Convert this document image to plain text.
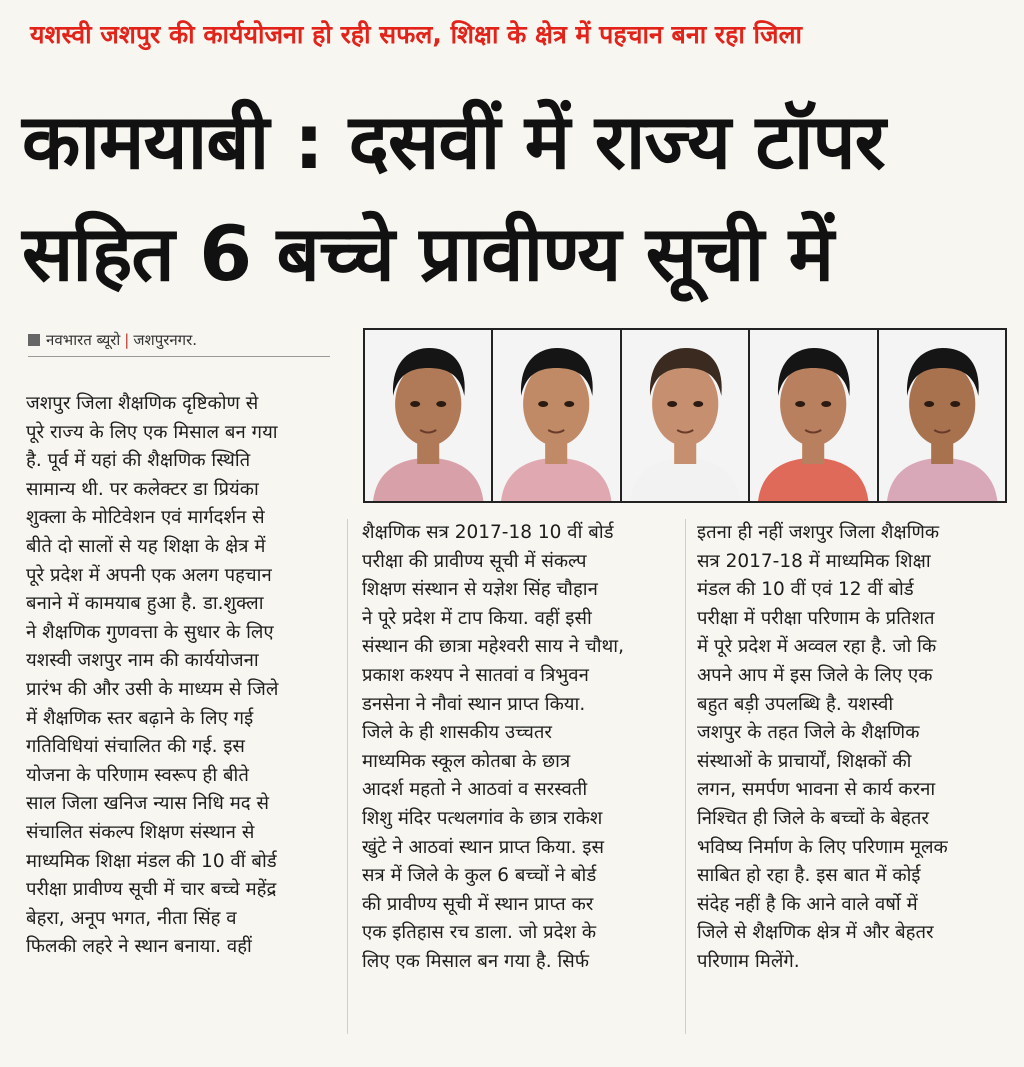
यशस्वी जशपुर की कार्ययोजना हो रही सफल, शिक्षा के क्षेत्र में पहचान बना रहा जिला
कामयाबी : दसवीं में राज्य टॉपर
सहित 6 बच्चे प्रावीण्य सूची में
नवभारत ब्यूरो | जशपुरनगर.

जशपुर जिला शैक्षणिक दृष्टिकोण से

पूरे राज्य के लिए एक मिसाल बन गया

है. पूर्व में यहां की शैक्षणिक स्थिति

सामान्य थी. पर कलेक्टर डा प्रियंका

शुक्ला के मोटिवेशन एवं मार्गदर्शन से

बीते दो सालों से यह शिक्षा के क्षेत्र में

पूरे प्रदेश में अपनी एक अलग पहचान

बनाने में कामयाब हुआ है. डा.शुक्ला

ने शैक्षणिक गुणवत्ता के सुधार के लिए

यशस्वी जशपुर नाम की कार्ययोजना

प्रारंभ की और उसी के माध्यम से जिले

में शैक्षणिक स्तर बढ़ाने के लिए गई

गतिविधियां संचालित की गई. इस

योजना के परिणाम स्वरूप ही बीते

साल जिला खनिज न्यास निधि मद से

संचालित संकल्प शिक्षण संस्थान से

माध्यमिक शिक्षा मंडल की 10 वीं बोर्ड

परीक्षा प्रावीण्य सूची में चार बच्चे महेंद्र

बेहरा, अनूप भगत, नीता सिंह व

फिलकी लहरे ने स्थान बनाया. वहीं

शैक्षणिक सत्र 2017-18 10 वीं बोर्ड

परीक्षा की प्रावीण्य सूची में संकल्प

शिक्षण संस्थान से यज्ञेश सिंह चौहान

ने पूरे प्रदेश में टाप किया. वहीं इसी

संस्थान की छात्रा महेश्वरी साय ने चौथा,

प्रकाश कश्यप ने सातवां व त्रिभुवन

डनसेना ने नौवां स्थान प्राप्त किया.

जिले के ही शासकीय उच्चतर

माध्यमिक स्कूल कोतबा के छात्र

आदर्श महतो ने आठवां व सरस्वती

शिशु मंदिर पत्थलगांव के छात्र राकेश

खुंटे ने आठवां स्थान प्राप्त किया. इस

सत्र में जिले के कुल 6 बच्चों ने बोर्ड

की प्रावीण्य सूची में स्थान प्राप्त कर

एक इतिहास रच डाला. जो प्रदेश के

लिए एक मिसाल बन गया है. सिर्फ

इतना ही नहीं जशपुर जिला शैक्षणिक

सत्र 2017-18 में माध्यमिक शिक्षा

मंडल की 10 वीं एवं 12 वीं बोर्ड

परीक्षा में परीक्षा परिणाम के प्रतिशत

में पूरे प्रदेश में अव्वल रहा है. जो कि

अपने आप में इस जिले के लिए एक

बहुत बड़ी उपलब्धि है. यशस्वी

जशपुर के तहत जिले के शैक्षणिक

संस्थाओं के प्राचार्यों, शिक्षकों की

लगन, समर्पण भावना से कार्य करना

निश्चित ही जिले के बच्चों के बेहतर

भविष्य निर्माण के लिए परिणाम मूलक

साबित हो रहा है. इस बात में कोई

संदेह नहीं है कि आने वाले वर्षो में

जिले से शैक्षणिक क्षेत्र में और बेहतर

परिणाम मिलेंगे.
